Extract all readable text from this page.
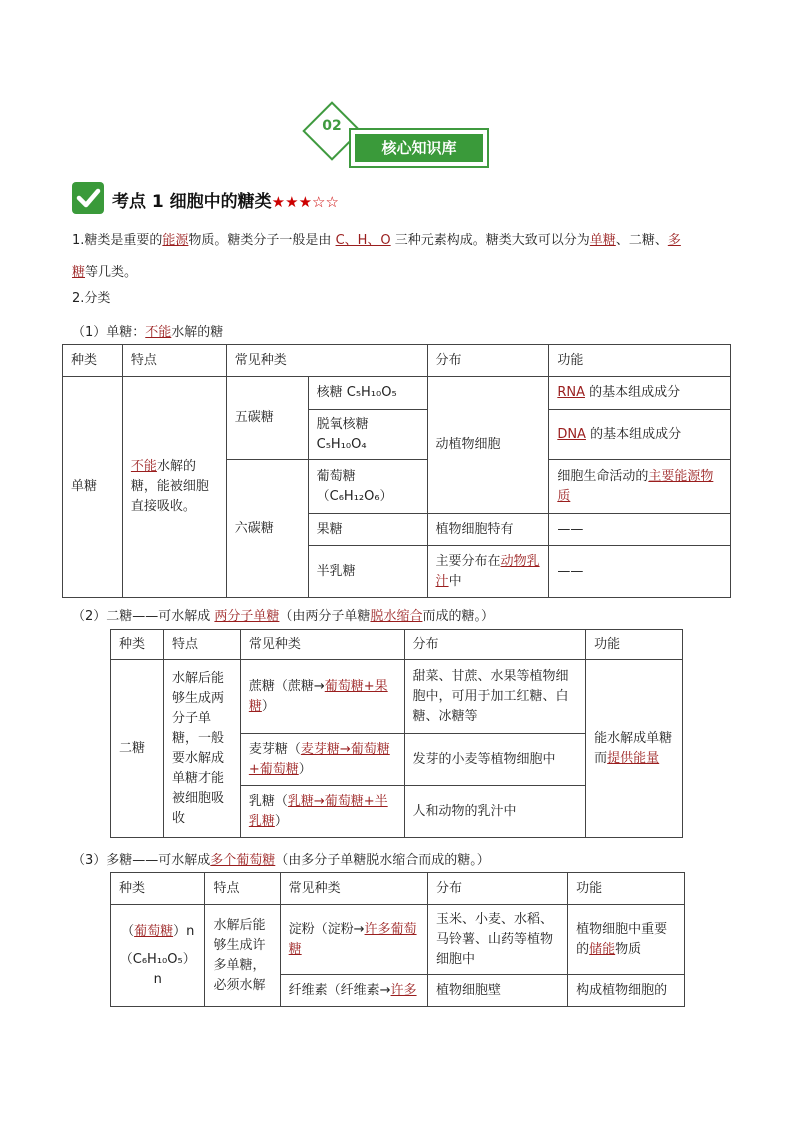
02
核心知识库
考点 1 细胞中的糖类★★★☆☆
1.糖类是重要的能源物质。糖类分子一般是由 C、H、O 三种元素构成。糖类大致可以分为单糖、二糖、多
糖等几类。
2.分类
（1）单糖：不能水解的糖
种类	特点	常见种类		分布	功能
单糖	不能水解的糖，能被细胞直接吸收。	五碳糖	核糖 C₅H₁₀O₅	动植物细胞	RNA 的基本组成成分
			脱氧核糖 C₅H₁₀O₄		DNA 的基本组成成分
		六碳糖	葡萄糖（C₆H₁₂O₆）		细胞生命活动的主要能源物质
			果糖	植物细胞特有	——
			半乳糖	主要分布在动物乳汁中	——
（2）二糖——可水解成 两分子单糖（由两分子单糖脱水缩合而成的糖。）
种类	特点	常见种类	分布	功能
二糖	水解后能够生成两分子单糖，一般要水解成单糖才能被细胞吸收	蔗糖（蔗糖→葡萄糖+果糖）	甜菜、甘蔗、水果等植物细胞中，可用于加工红糖、白糖、冰糖等	能水解成单糖而提供能量
		麦芽糖（麦芽糖→葡萄糖+葡萄糖）	发芽的小麦等植物细胞中	
		乳糖（乳糖→葡萄糖+半乳糖）	人和动物的乳汁中	
（3）多糖——可水解成多个葡萄糖（由多分子单糖脱水缩合而成的糖。）
种类	特点	常见种类	分布	功能

（葡萄糖）n
（C₆H₁₀O₅）n	水解后能够生成许多单糖，必须水解	淀粉（淀粉→许多葡萄糖	玉米、小麦、水稻、马铃薯、山药等植物细胞中	植物细胞中重要的储能物质
		纤维素（纤维素→许多	植物细胞壁	构成植物细胞的
